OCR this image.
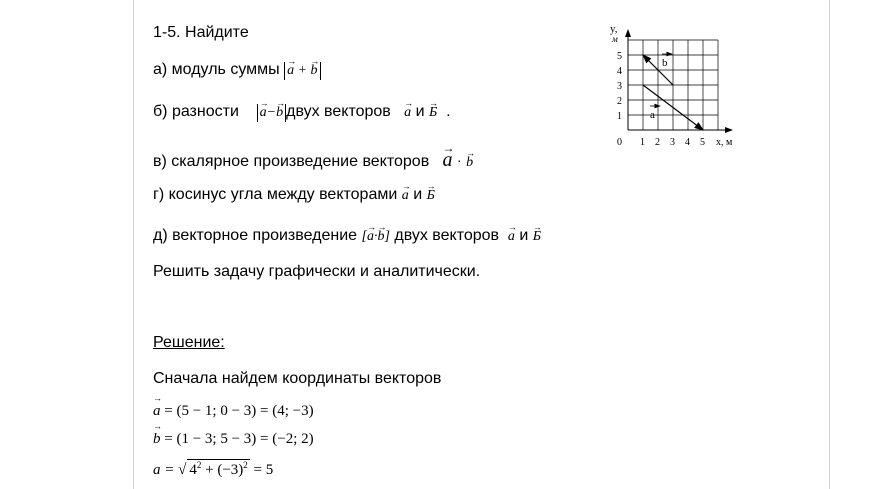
1-5. Найдите
а) модуль суммы → a + → b
б) разности → a−→ b двух векторов → a и → Б .
в) скалярное произведение векторов → a · → b
г) косинус угла между векторами → a и → Б
д) векторное произведение [→ a·→ b] двух векторов → a и → Б
Решить задачу графически и аналитически.
Решение:
Сначала найдем координаты векторов
→ a = (5 − 1; 0 − 3) = (4; −3)
→ b = (1 − 3; 5 − 3) = (−2; 2)
a = √ $4^2 + (-3)^2 = 5$
1 2 3 4 5
1
2
3
4
5
y,
м
x, м
0
a
b
